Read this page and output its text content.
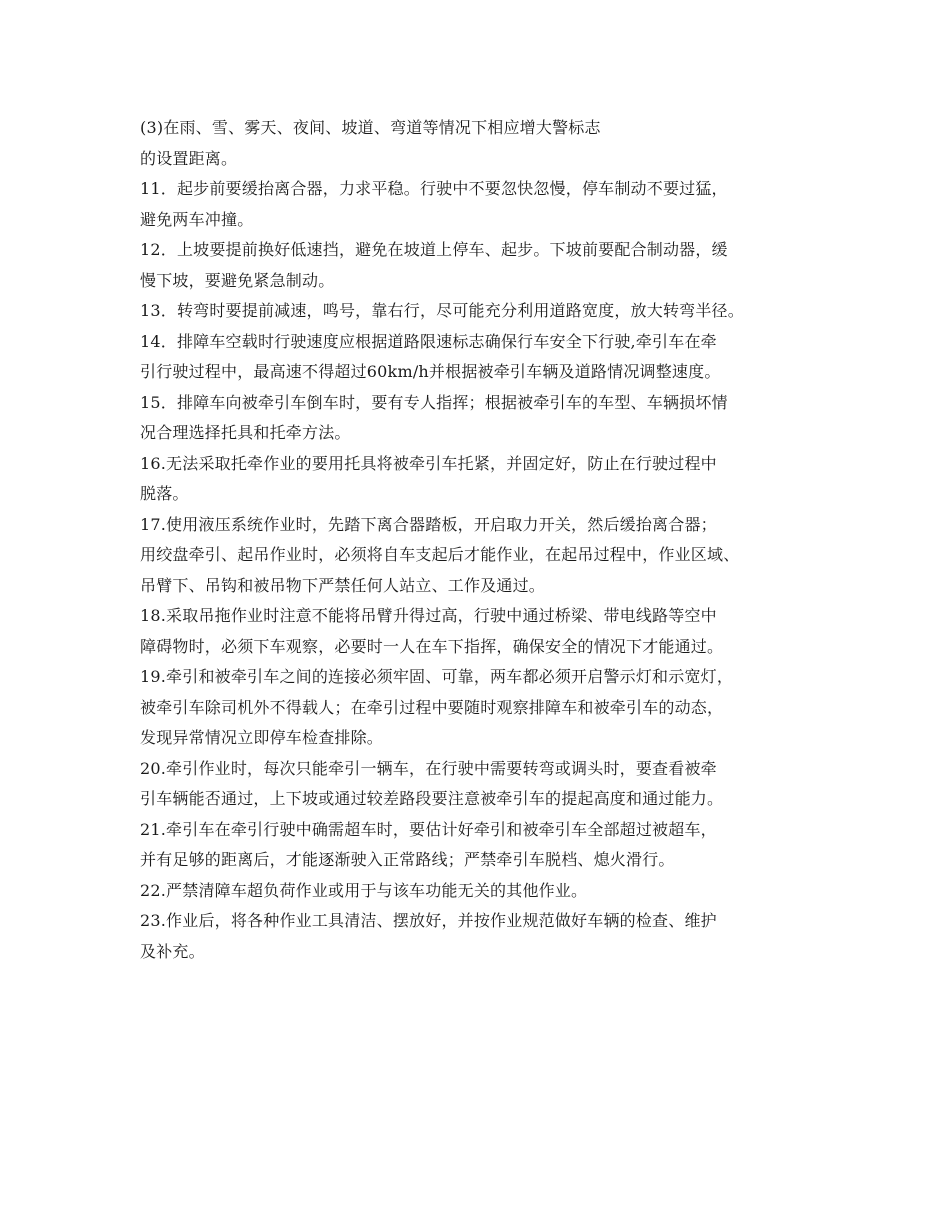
(3)在雨、雪、雾天、夜间、坡道、弯道等情况下相应增大警标志
的设置距离。
11．起步前要缓抬离合器，力求平稳。行驶中不要忽快忽慢，停车制动不要过猛，
避免两车冲撞。
12．上坡要提前换好低速挡，避免在坡道上停车、起步。下坡前要配合制动器，缓
慢下坡，要避免紧急制动。
13．转弯时要提前减速，鸣号，靠右行，尽可能充分利用道路宽度，放大转弯半径。
14．排障车空载时行驶速度应根据道路限速标志确保行车安全下行驶,牵引车在牵
引行驶过程中，最高速不得超过60km/h并根据被牵引车辆及道路情况调整速度。
15．排障车向被牵引车倒车时，要有专人指挥；根据被牵引车的车型、车辆损坏情
况合理选择托具和托牵方法。
16.无法采取托牵作业的要用托具将被牵引车托紧，并固定好，防止在行驶过程中
脱落。
17.使用液压系统作业时，先踏下离合器踏板，开启取力开关，然后缓抬离合器；
用绞盘牵引、起吊作业时，必须将自车支起后才能作业，在起吊过程中，作业区域、
吊臂下、吊钩和被吊物下严禁任何人站立、工作及通过。
18.采取吊拖作业时注意不能将吊臂升得过高，行驶中通过桥梁、带电线路等空中
障碍物时，必须下车观察，必要时一人在车下指挥，确保安全的情况下才能通过。
19.牵引和被牵引车之间的连接必须牢固、可靠，两车都必须开启警示灯和示宽灯，
被牵引车除司机外不得载人；在牵引过程中要随时观察排障车和被牵引车的动态，
发现异常情况立即停车检查排除。
20.牵引作业时，每次只能牵引一辆车，在行驶中需要转弯或调头时，要查看被牵
引车辆能否通过，上下坡或通过较差路段要注意被牵引车的提起高度和通过能力。
21.牵引车在牵引行驶中确需超车时，要估计好牵引和被牵引车全部超过被超车，
并有足够的距离后，才能逐渐驶入正常路线；严禁牵引车脱档、熄火滑行。
22.严禁清障车超负荷作业或用于与该车功能无关的其他作业。
23.作业后，将各种作业工具清洁、摆放好，并按作业规范做好车辆的检查、维护
及补充。
